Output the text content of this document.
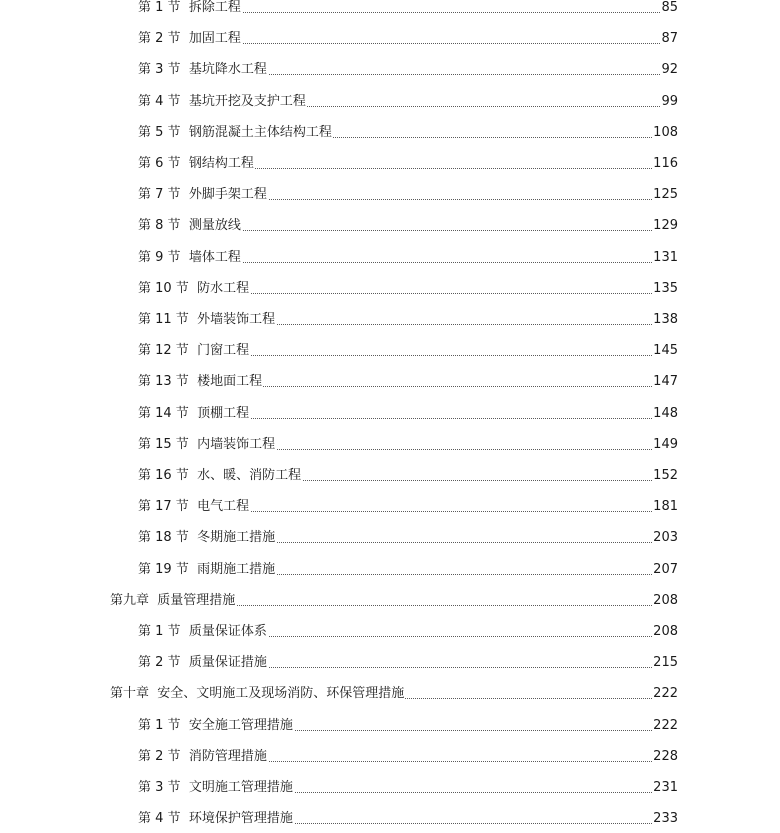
第 1 节 拆除工程	85
第 2 节 加固工程	87
第 3 节 基坑降水工程	92
第 4 节 基坑开挖及支护工程	99
第 5 节 钢筋混凝土主体结构工程	108
第 6 节 钢结构工程	116
第 7 节 外脚手架工程	125
第 8 节 测量放线	129
第 9 节 墙体工程	131
第 10 节 防水工程	135
第 11 节 外墙装饰工程	138
第 12 节 门窗工程	145
第 13 节 楼地面工程	147
第 14 节 顶棚工程	148
第 15 节 内墙装饰工程	149
第 16 节 水、暖、消防工程	152
第 17 节 电气工程	181
第 18 节 冬期施工措施	203
第 19 节 雨期施工措施	207
第九章 质量管理措施	208
第 1 节 质量保证体系	208
第 2 节 质量保证措施	215
第十章 安全、文明施工及现场消防、环保管理措施	222
第 1 节 安全施工管理措施	222
第 2 节 消防管理措施	228
第 3 节 文明施工管理措施	231
第 4 节 环境保护管理措施	233
